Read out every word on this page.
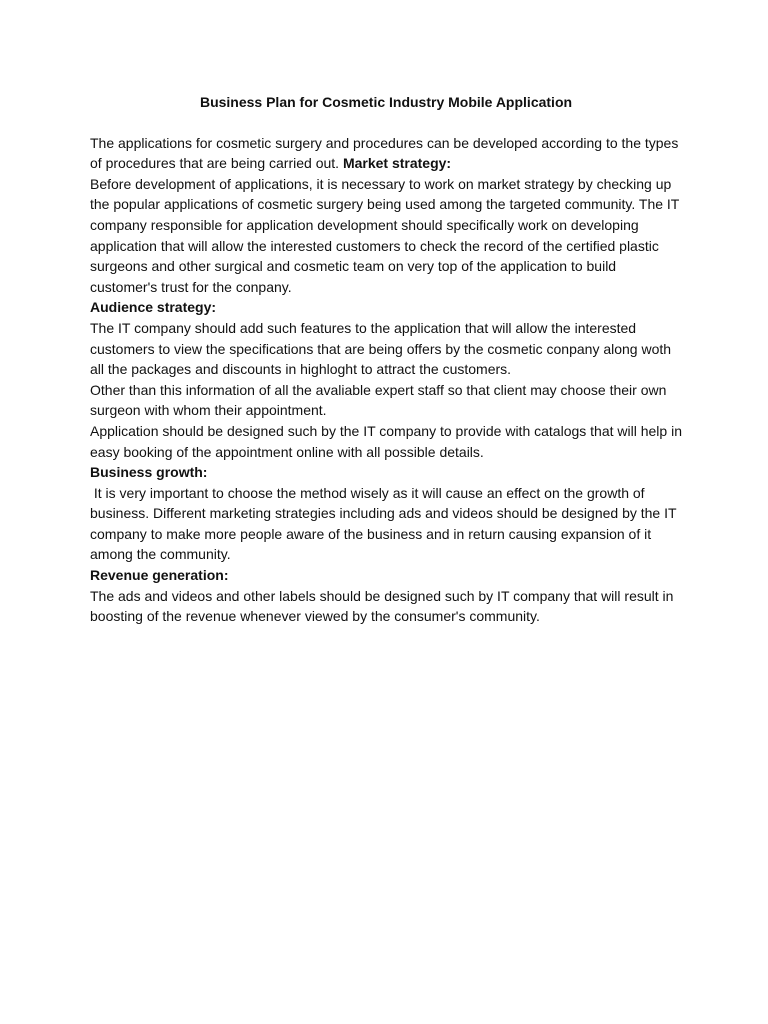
Business Plan for Cosmetic Industry Mobile Application

The applications for cosmetic surgery and procedures can be developed according to the types of procedures that are being carried out. Market strategy:

Before development of applications, it is necessary to work on market strategy by checking up the popular applications of cosmetic surgery being used among the targeted community. The IT company responsible for application development should specifically work on developing application that will allow the interested customers to check the record of the certified plastic surgeons and other surgical and cosmetic team on very top of the application to build customer's trust for the conpany.

Audience strategy:

The IT company should add such features to the application that will allow the interested customers to view the specifications that are being offers by the cosmetic conpany along woth all the packages and discounts in highloght to attract the customers.

Other than this information of all the avaliable expert staff so that client may choose their own surgeon with whom their appointment.

Application should be designed such by the IT company to provide with catalogs that will help in easy booking of the appointment online with all possible details.

Business growth:

It is very important to choose the method wisely as it will cause an effect on the growth of business. Different marketing strategies including ads and videos should be designed by the IT company to make more people aware of the business and in return causing expansion of it among the community.

Revenue generation:

The ads and videos and other labels should be designed such by IT company that will result in boosting of the revenue whenever viewed by the consumer's community.
